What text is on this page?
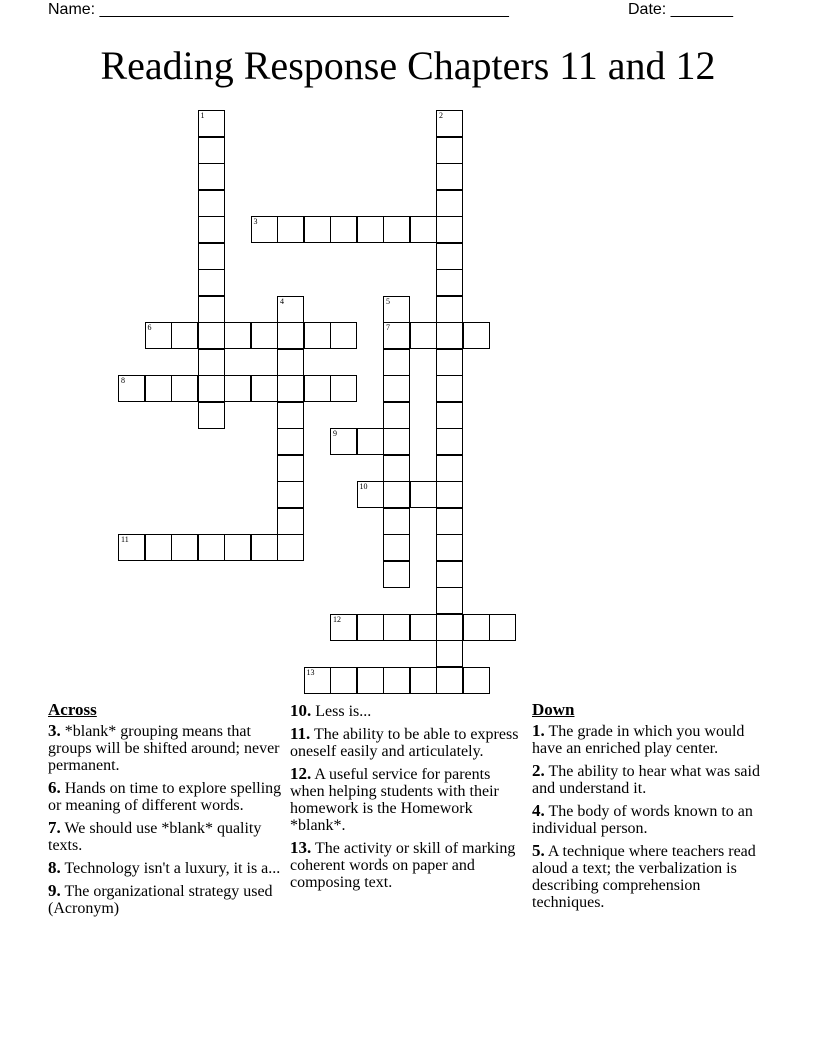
Name: ______________________________________________	Date: _______
Reading Response Chapters 11 and 12
1	2
3
4	5
7
6
8
9
10
11
12
13
Across

3. *blank* grouping means that groups will be shifted around; never permanent.

6. Hands on time to explore spelling or meaning of different words.

7. We should use *blank* quality texts.

8. Technology isn't a luxury, it is a...

9. The organizational strategy used (Acronym)

10. Less is...

11. The ability to be able to express oneself easily and articulately.

12. A useful service for parents when helping students with their homework is the Homework *blank*.

13. The activity or skill of marking coherent words on paper and composing text.

Down

1. The grade in which you would have an enriched play center.

2. The ability to hear what was said and understand it.

4. The body of words known to an individual person.

5. A technique where teachers read aloud a text; the verbalization is describing comprehension techniques.
